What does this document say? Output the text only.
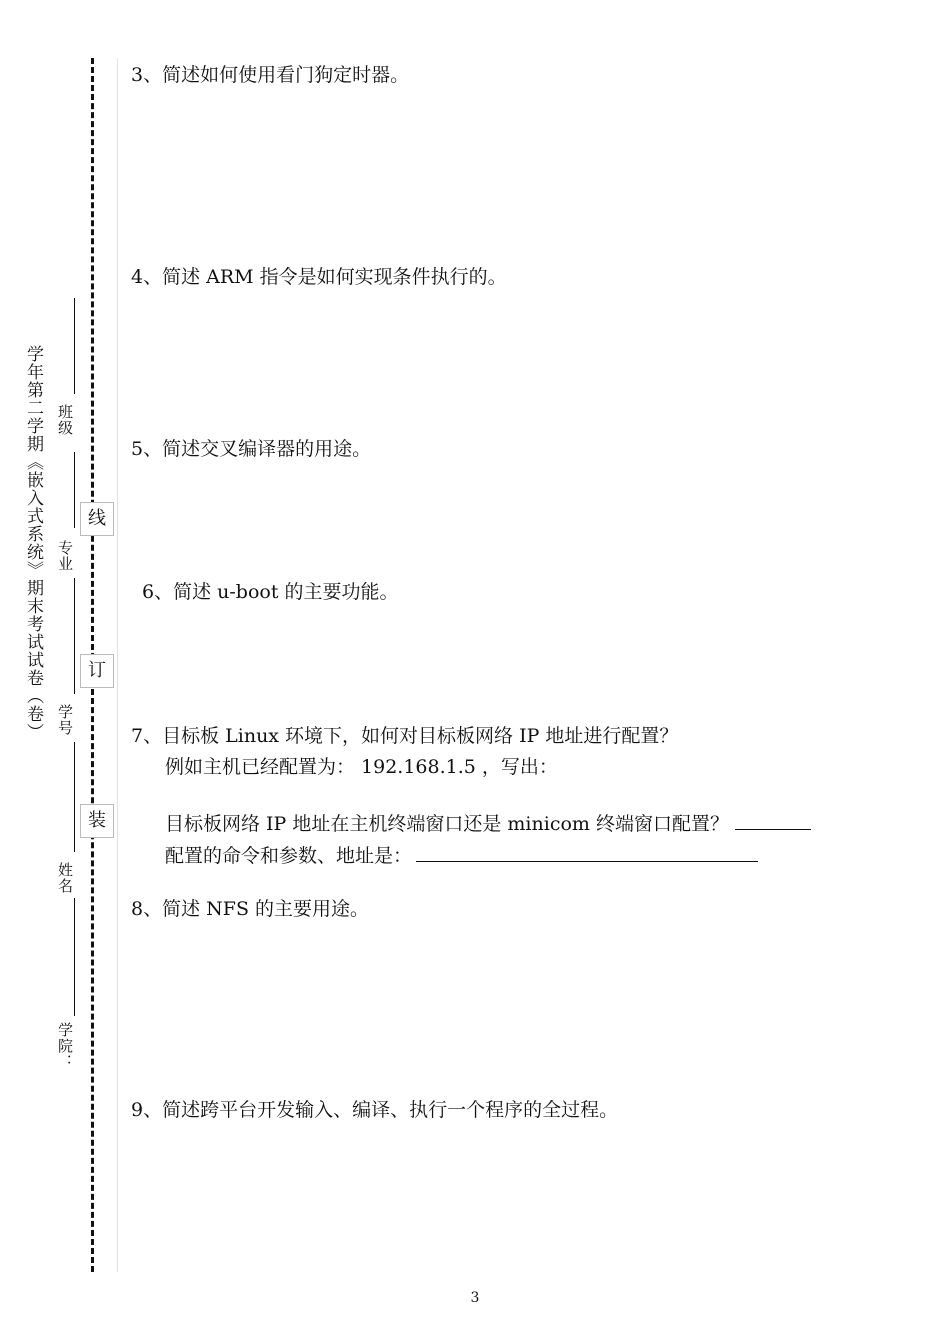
学年第二学期《嵌入式系统》期末考试试卷（卷） 班级
专业
学号
姓名
学院：
线
订
装
3、简述如何使用看门狗定时器。
4、简述 ARM 指令是如何实现条件执行的。
5、简述交叉编译器的用途。
6、简述 u-boot 的主要功能。
7、目标板 Linux 环境下，如何对目标板网络 IP 地址进行配置？
例如主机已经配置为： 192.168.1.5 ，写出：
目标板网络 IP 地址在主机终端窗口还是 minicom 终端窗口配置？
配置的命令和参数、地址是：
8、简述 NFS 的主要用途。
9、简述跨平台开发输入、编译、执行一个程序的全过程。
3
